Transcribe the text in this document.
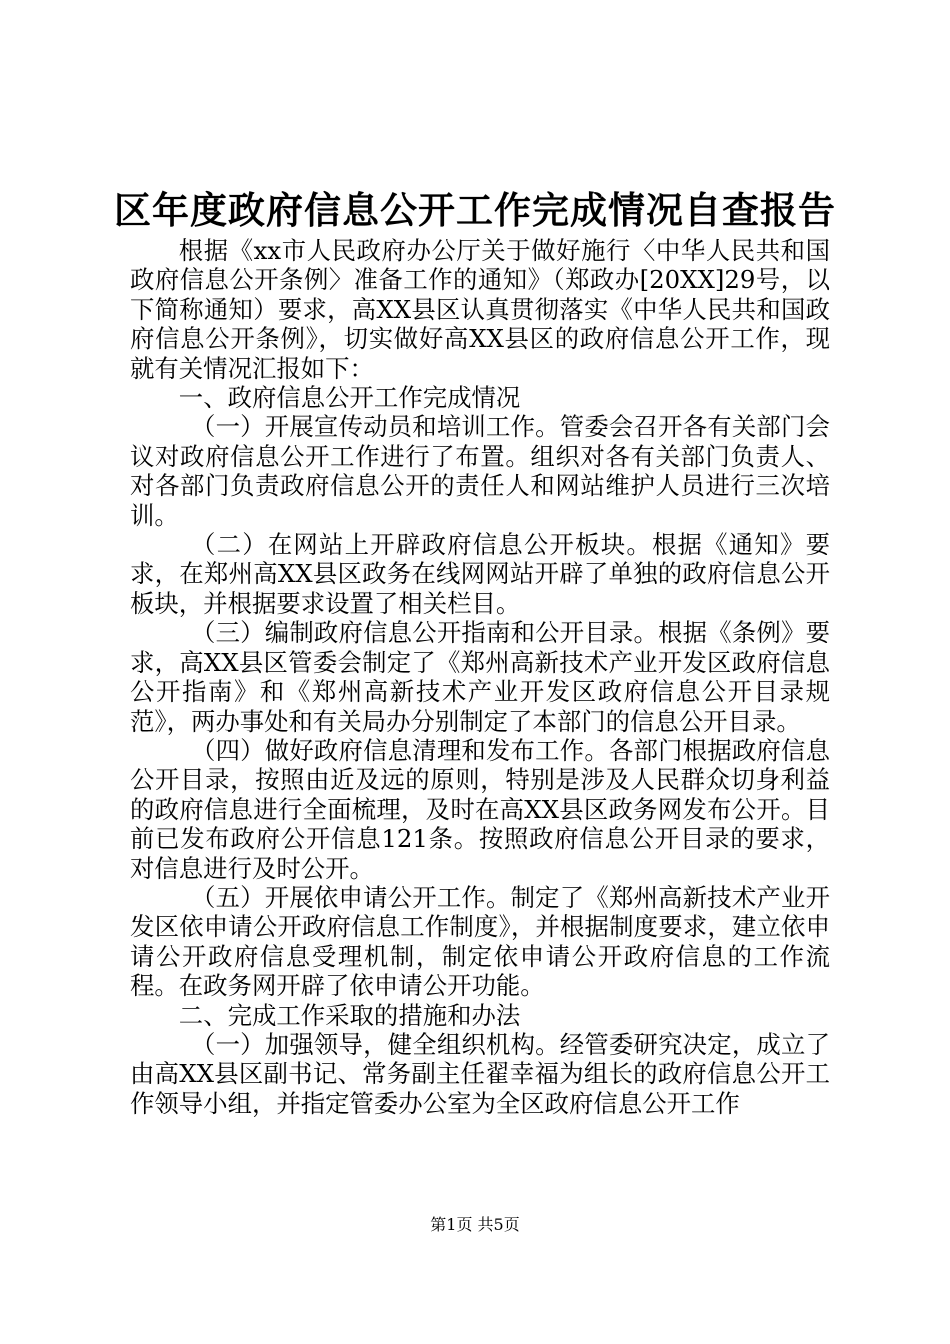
区年度政府信息公开工作完成情况自查报告

根据《xx市人民政府办公厅关于做好施行〈中华人民共和国政府信息公开条例〉准备工作的通知》（郑政办[20XX]29号，以下简称通知）要求，高XX县区认真贯彻落实《中华人民共和国政府信息公开条例》，切实做好高XX县区的政府信息公开工作，现就有关情况汇报如下：

一、政府信息公开工作完成情况

（一）开展宣传动员和培训工作。管委会召开各有关部门会议对政府信息公开工作进行了布置。组织对各有关部门负责人、对各部门负责政府信息公开的责任人和网站维护人员进行三次培训。

（二）在网站上开辟政府信息公开板块。根据《通知》要求，在郑州高XX县区政务在线网网站开辟了单独的政府信息公开板块，并根据要求设置了相关栏目。

（三）编制政府信息公开指南和公开目录。根据《条例》要求，高XX县区管委会制定了《郑州高新技术产业开发区政府信息公开指南》和《郑州高新技术产业开发区政府信息公开目录规范》，两办事处和有关局办分别制定了本部门的信息公开目录。

（四）做好政府信息清理和发布工作。各部门根据政府信息公开目录，按照由近及远的原则，特别是涉及人民群众切身利益的政府信息进行全面梳理，及时在高XX县区政务网发布公开。目前已发布政府公开信息121条。按照政府信息公开目录的要求，对信息进行及时公开。

（五）开展依申请公开工作。制定了《郑州高新技术产业开发区依申请公开政府信息工作制度》，并根据制度要求，建立依申请公开政府信息受理机制，制定依申请公开政府信息的工作流程。在政务网开辟了依申请公开功能。

二、完成工作采取的措施和办法

（一）加强领导，健全组织机构。经管委研究决定，成立了由高XX县区副书记、常务副主任翟幸福为组长的政府信息公开工作领导小组，并指定管委办公室为全区政府信息公开工作

第1页 共5页
